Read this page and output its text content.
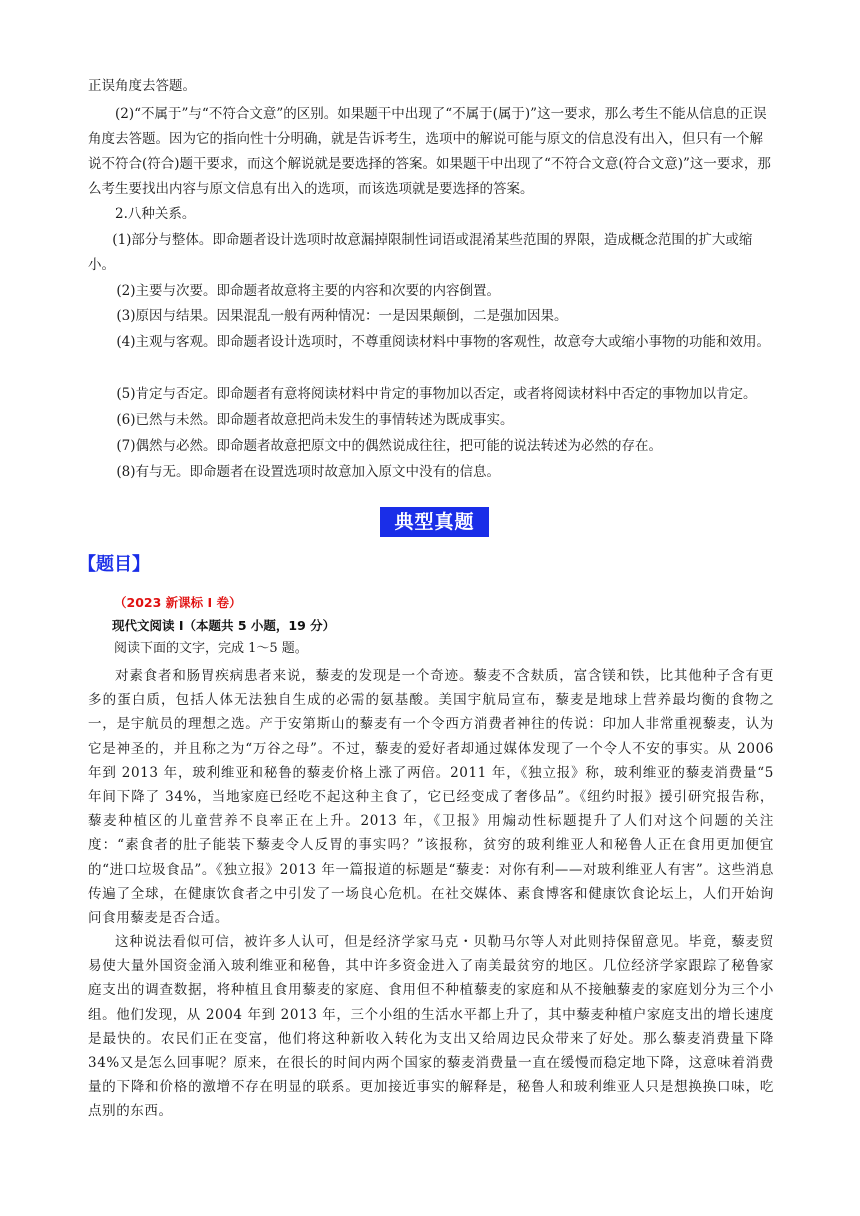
正误角度去答题。

(2)“不属于”与“不符合文意”的区别。如果题干中出现了“不属于(属于)”这一要求，那么考生不能从信息的正误角度去答题。因为它的指向性十分明确，就是告诉考生，选项中的解说可能与原文的信息没有出入，但只有一个解说不符合(符合)题干要求，而这个解说就是要选择的答案。如果题干中出现了“不符合文意(符合文意)”这一要求，那么考生要找出内容与原文信息有出入的选项，而该选项就是要选择的答案。

2.八种关系。

(1)部分与整体。即命题者设计选项时故意漏掉限制性词语或混淆某些范围的界限，造成概念范围的扩大或缩小。

(2)主要与次要。即命题者故意将主要的内容和次要的内容倒置。

(3)原因与结果。因果混乱一般有两种情况：一是因果颠倒，二是强加因果。

(4)主观与客观。即命题者设计选项时，不尊重阅读材料中事物的客观性，故意夸大或缩小事物的功能和效用。

(5)肯定与否定。即命题者有意将阅读材料中肯定的事物加以否定，或者将阅读材料中否定的事物加以肯定。

(6)已然与未然。即命题者故意把尚未发生的事情转述为既成事实。

(7)偶然与必然。即命题者故意把原文中的偶然说成往往，把可能的说法转述为必然的存在。

(8)有与无。即命题者在设置选项时故意加入原文中没有的信息。

典型真题
【题目】
（2023 新课标 I 卷）
现代文阅读 I（本题共 5 小题，19 分）
阅读下面的文字，完成 1～5 题。

对素食者和肠胃疾病患者来说，藜麦的发现是一个奇迹。藜麦不含麸质，富含镁和铁，比其他种子含有更多的蛋白质，包括人体无法独自生成的必需的氨基酸。美国宇航局宣布，藜麦是地球上营养最均衡的食物之一，是宇航员的理想之选。产于安第斯山的藜麦有一个令西方消费者神往的传说：印加人非常重视藜麦，认为它是神圣的，并且称之为“万谷之母”。不过，藜麦的爱好者却通过媒体发现了一个令人不安的事实。从 2006 年到 2013 年，玻利维亚和秘鲁的藜麦价格上涨了两倍。2011 年，《独立报》称，玻利维亚的藜麦消费量“5 年间下降了 34%，当地家庭已经吃不起这种主食了，它已经变成了奢侈品”。《纽约时报》援引研究报告称，藜麦种植区的儿童营养不良率正在上升。2013 年，《卫报》用煽动性标题提升了人们对这个问题的关注度：“素食者的肚子能装下藜麦令人反胃的事实吗？”该报称，贫穷的玻利维亚人和秘鲁人正在食用更加便宜的“进口垃圾食品”。《独立报》2013 年一篇报道的标题是“藜麦：对你有利——对玻利维亚人有害”。这些消息传遍了全球，在健康饮食者之中引发了一场良心危机。在社交媒体、素食博客和健康饮食论坛上，人们开始询问食用藜麦是否合适。

这种说法看似可信，被许多人认可，但是经济学家马克・贝勒马尔等人对此则持保留意见。毕竟，藜麦贸易使大量外国资金涌入玻利维亚和秘鲁，其中许多资金进入了南美最贫穷的地区。几位经济学家跟踪了秘鲁家庭支出的调查数据，将种植且食用藜麦的家庭、食用但不种植藜麦的家庭和从不接触藜麦的家庭划分为三个小组。他们发现，从 2004 年到 2013 年，三个小组的生活水平都上升了，其中藜麦种植户家庭支出的增长速度是最快的。农民们正在变富，他们将这种新收入转化为支出又给周边民众带来了好处。那么藜麦消费量下降 34%又是怎么回事呢？原来，在很长的时间内两个国家的藜麦消费量一直在缓慢而稳定地下降，这意味着消费量的下降和价格的激增不存在明显的联系。更加接近事实的解释是，秘鲁人和玻利维亚人只是想换换口味，吃点别的东西。
